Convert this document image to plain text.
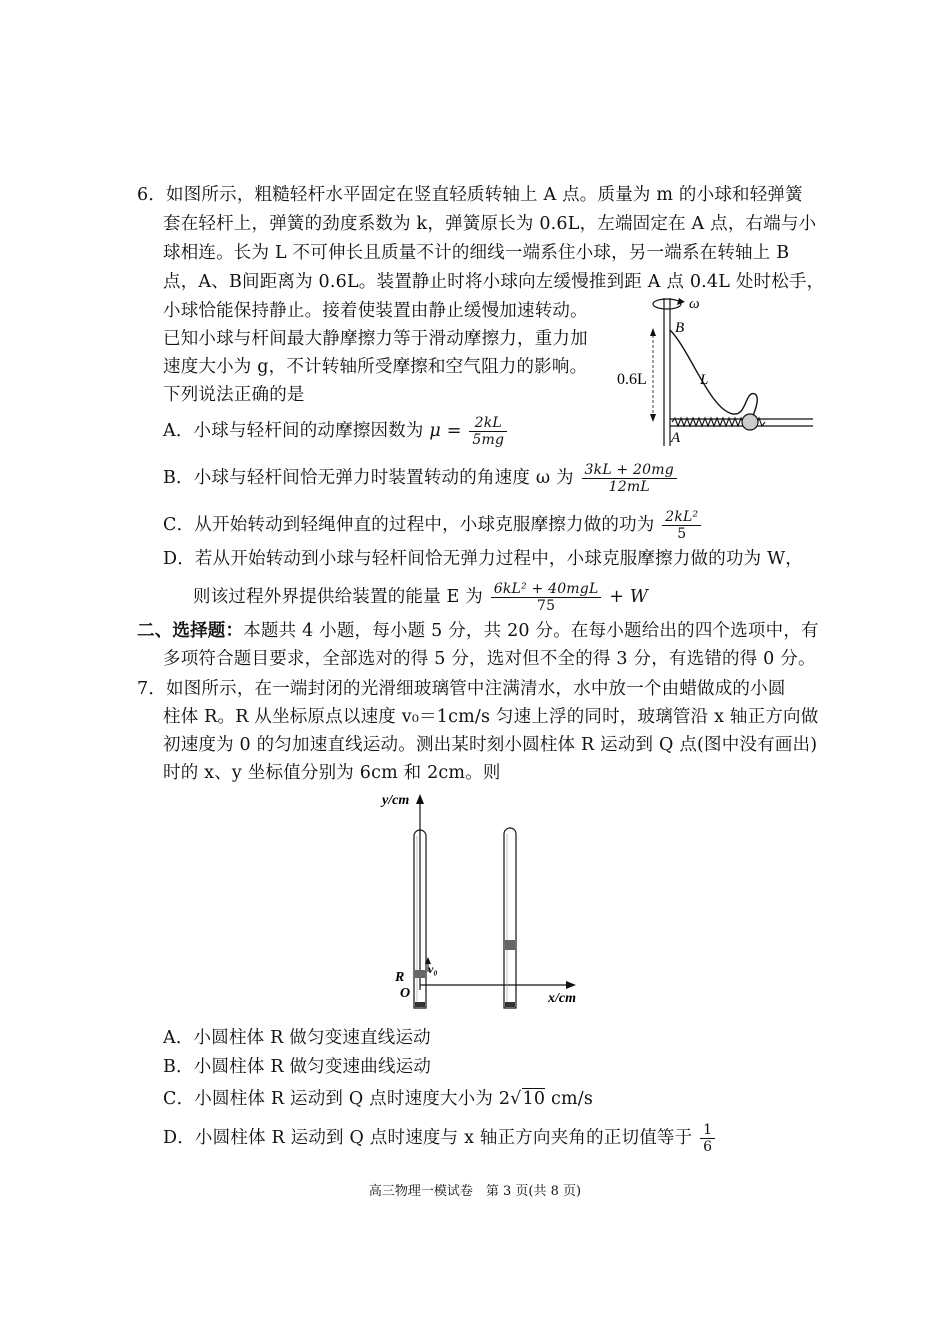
6．如图所示，粗糙轻杆水平固定在竖直轻质转轴上 A 点。质量为 m 的小球和轻弹簧
套在轻杆上，弹簧的劲度系数为 k，弹簧原长为 0.6L，左端固定在 A 点，右端与小
球相连。长为 L 不可伸长且质量不计的细线一端系住小球，另一端系在转轴上 B
点，A、B间距离为 0.6L。装置静止时将小球向左缓慢推到距 A 点 0.4L 处时松手，
小球恰能保持静止。接着使装置由静止缓慢加速转动。
已知小球与杆间最大静摩擦力等于滑动摩擦力，重力加
速度大小为 g，不计转轴所受摩擦和空气阻力的影响。
下列说法正确的是
A．小球与轻杆间的动摩擦因数为 $\mu = \frac{2kL}{5mg}$
B．小球与轻杆间恰无弹力时装置转动的角速度 ω 为 $\frac{3kL + 20mg}{12mL}$
C．从开始转动到轻绳伸直的过程中，小球克服摩擦力做的功为 $\frac{\text{2kL²}}{5}$
D．若从开始转动到小球与轻杆间恰无弹力过程中，小球克服摩擦力做的功为 W，
则该过程外界提供给装置的能量 E 为 $\frac{\text{6kL² + 40mgL}}{75} + W$
ω
0.6L
B
L
A
二、选择题：本题共 4 小题，每小题 5 分，共 20 分。在每小题给出的四个选项中，有
多项符合题目要求，全部选对的得 5 分，选对但不全的得 3 分，有选错的得 0 分。
7．如图所示，在一端封闭的光滑细玻璃管中注满清水，水中放一个由蜡做成的小圆
柱体 R。R 从坐标原点以速度 v₀＝1cm/s 匀速上浮的同时，玻璃管沿 x 轴正方向做
初速度为 0 的匀加速直线运动。测出某时刻小圆柱体 R 运动到 Q 点(图中没有画出)
时的 x、y 坐标值分别为 6cm 和 2cm。则
y/cm
x/cm
v₀
R
O
A．小圆柱体 R 做匀变速直线运动
B．小圆柱体 R 做匀变速曲线运动
C．小圆柱体 R 运动到 Q 点时速度大小为 2√10 cm/s
D．小圆柱体 R 运动到 Q 点时速度与 x 轴正方向夹角的正切值等于 $\frac{1}{6}$
高三物理一模试卷　第 3 页(共 8 页)
